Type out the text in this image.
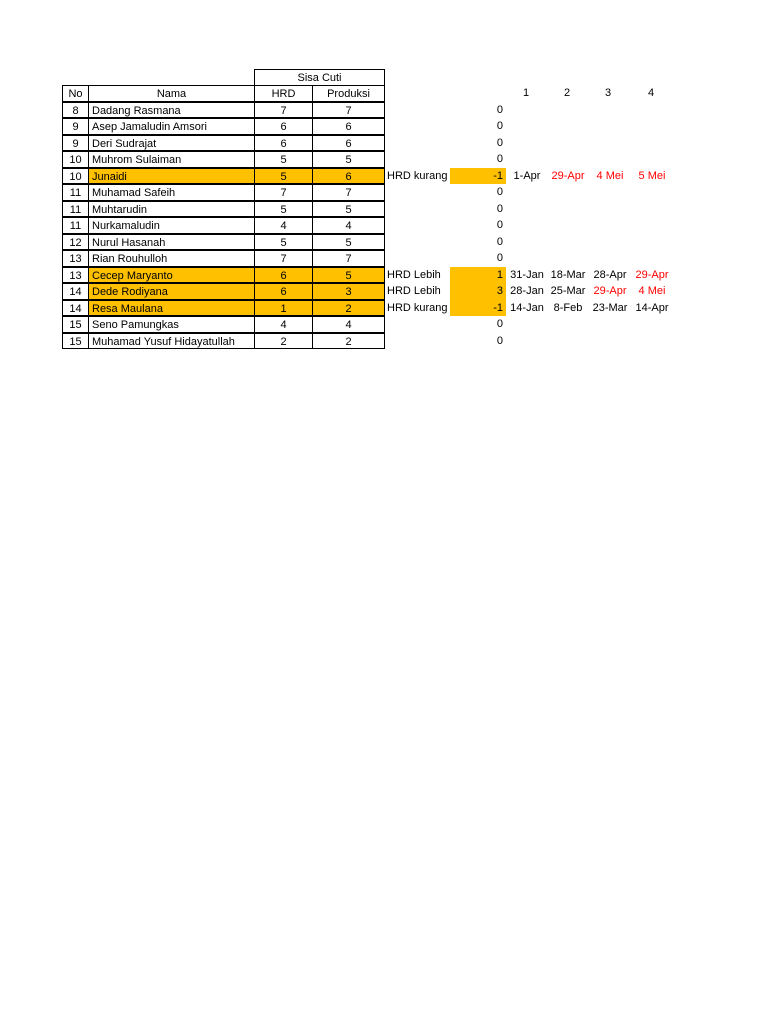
Sisa Cuti
No	Nama	HRD	Produksi	1	2	3	4
8	Dadang Rasmana	7	7	0
9	Asep Jamaludin Amsori	6	6	0
9	Deri Sudrajat	6	6	0
10 Muhrom Sulaiman	5	5	0
10 Junaidi	5	6	HRD kurang	-1 1-Apr	29-Apr	4 Mei	5 Mei
11 Muhamad Safeih	7	7	0
11 Muhtarudin	5	5	0
11 Nurkamaludin	4	4	0
12 Nurul Hasanah	5	5	0
13 Rian Rouhulloh	7	7	0
13 Cecep Maryanto	6	5	HRD Lebih	1 31-Jan 18-Mar 28-Apr 29-Apr
14 Dede Rodiyana	6	3	HRD Lebih	3 28-Jan 25-Mar 29-Apr	4 Mei
14 Resa Maulana	1	2	HRD kurang	-1 14-Jan 8-Feb 23-Mar 14-Apr
15 Seno Pamungkas	4	4	0
15 Muhamad Yusuf Hidayatullah	2	2	0
